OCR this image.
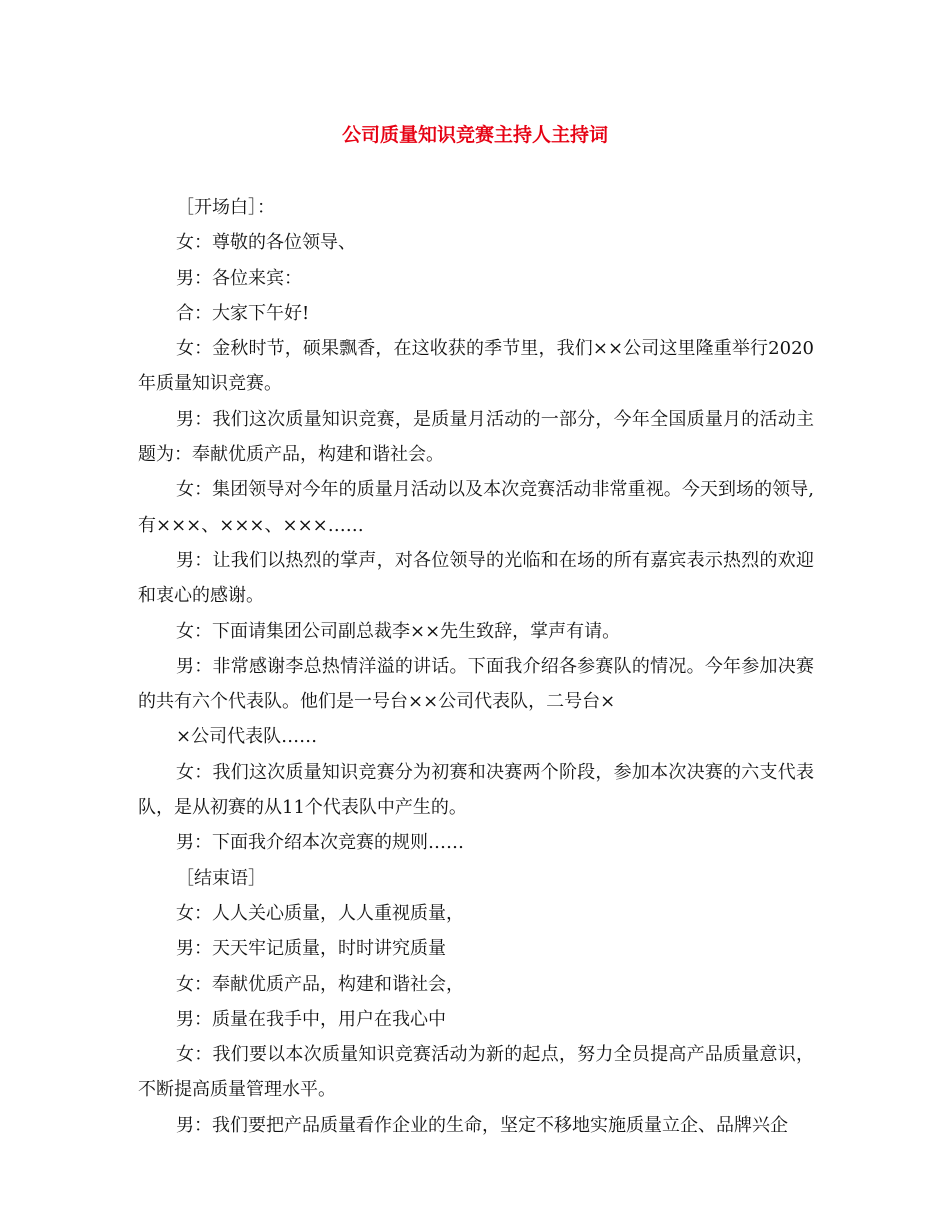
公司质量知识竞赛主持人主持词

［开场白］：

女：尊敬的各位领导、

男：各位来宾：

合：大家下午好!

女：金秋时节，硕果飘香，在这收获的季节里，我们××公司这里隆重举行2020年质量知识竞赛。

男：我们这次质量知识竞赛，是质量月活动的一部分，今年全国质量月的活动主题为：奉献优质产品，构建和谐社会。

女：集团领导对今年的质量月活动以及本次竞赛活动非常重视。今天到场的领导,有×××、×××、×××……

男：让我们以热烈的掌声，对各位领导的光临和在场的所有嘉宾表示热烈的欢迎和衷心的感谢。

女：下面请集团公司副总裁李××先生致辞，掌声有请。

男：非常感谢李总热情洋溢的讲话。下面我介绍各参赛队的情况。今年参加决赛的共有六个代表队。他们是一号台××公司代表队，二号台×

×公司代表队……

女：我们这次质量知识竞赛分为初赛和决赛两个阶段，参加本次决赛的六支代表队，是从初赛的从11个代表队中产生的。

男：下面我介绍本次竞赛的规则……

［结束语］

女：人人关心质量，人人重视质量，

男：天天牢记质量，时时讲究质量

女：奉献优质产品，构建和谐社会，

男：质量在我手中，用户在我心中

女：我们要以本次质量知识竞赛活动为新的起点，努力全员提高产品质量意识，不断提高质量管理水平。

男：我们要把产品质量看作企业的生命，坚定不移地实施质量立企、品牌兴企
